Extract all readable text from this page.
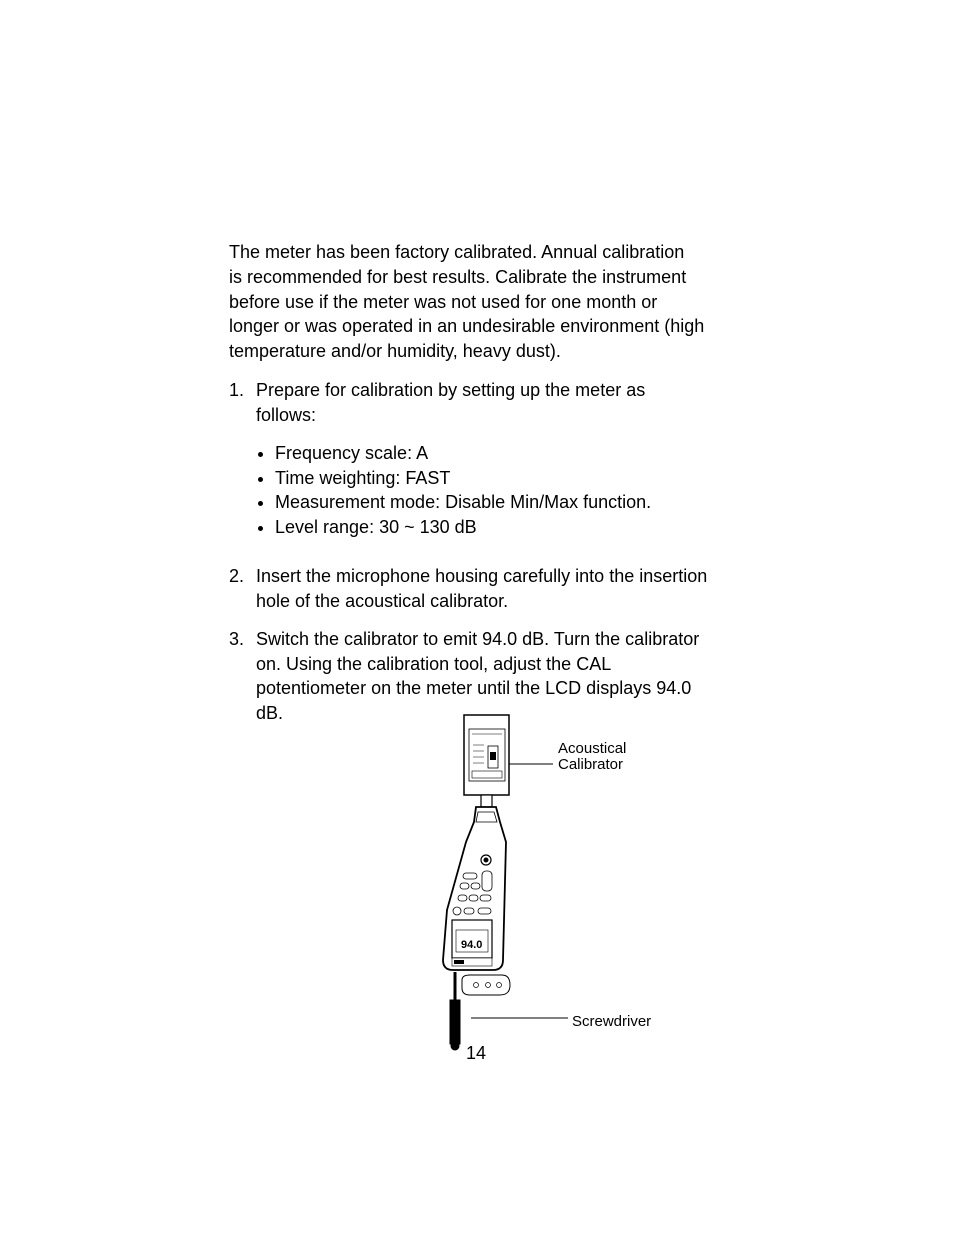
The meter has been factory calibrated. Annual calibration
is recommended for best results. Calibrate the instrument
before use if the meter was not used for one month or
longer or was operated in an undesirable environment (high
temperature and/or humidity, heavy dust).

1. Prepare for calibration by setting up the meter as
follows:
Frequency scale: A
Time weighting: FAST
Measurement mode: Disable Min/Max function.
Level range: 30 ~ 130 dB
2. Insert the microphone housing carefully into the insertion
hole of the acoustical calibrator.
3. Switch the calibrator to emit 94.0 dB. Turn the calibrator
on. Using the calibration tool, adjust the CAL
potentiometer on the meter until the LCD displays 94.0
dB.
94.0
Acoustical
Calibrator
Screwdriver
14
